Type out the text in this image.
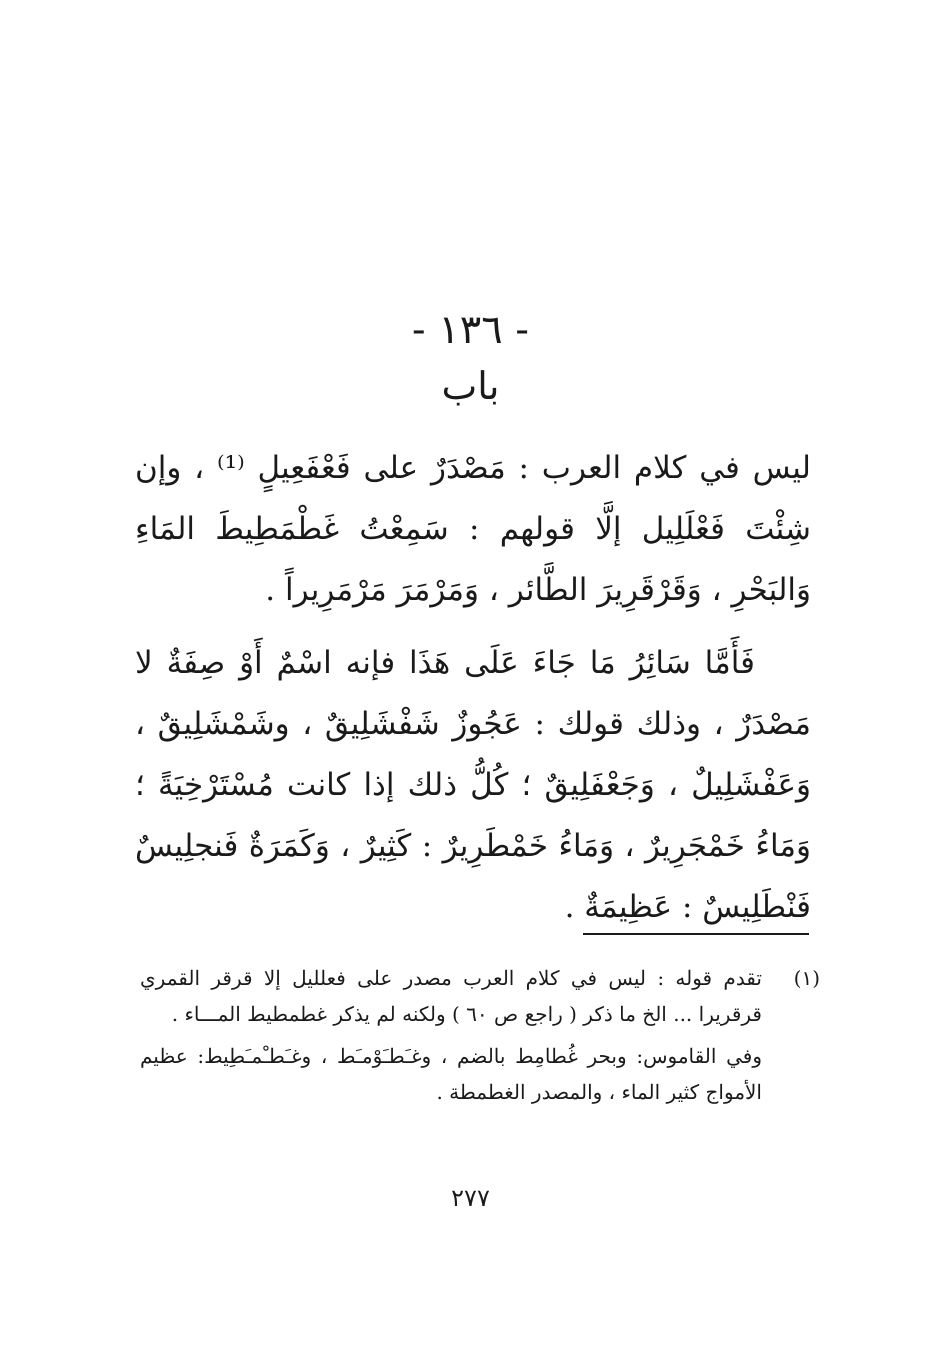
- ١٣٦ -
باب

ليس في كلام العرب : مَصْدَرٌ على فَعْفَعِيلٍ ⁽¹⁾ ، وإن شِئْتَ فَعْلَلِيل إلَّا قولهم : سَمِعْتُ غَطْمَطِيطَ المَاءِ وَالبَحْرِ ، وَقَرْقَرِيرَ الطَّائر ، وَمَرْمَرَ مَرْمَرِيراً .

فَأَمَّا سَائِرُ مَا جَاءَ عَلَى هَذَا فإنه اسْمٌ أَوْ صِفَةٌ لا مَصْدَرٌ ، وذلك قولك : عَجُوزٌ شَفْشَلِيقٌ ، وشَمْشَلِيقٌ ، وَعَفْشَلِيلٌ ، وَجَعْفَلِيقٌ ؛ كُلُّ ذلك إذا كانت مُسْتَرْخِيَةً ؛ وَمَاءُ خَمْجَرِيرٌ ، وَمَاءُ خَمْطَرِيرٌ : كَثِيرٌ ، وَكَمَرَةٌ فَنجلِيسٌ فَنْطَلِيسٌ : عَظِيمَةٌ .

(١)
تقدم قوله : ليس في كلام العرب مصدر على فعلليل إلا قرقر القمري قرقريرا ... الخ ما ذكر ( راجع ص ٦٠ ) ولكنه لم يذكر غطمطيط المـــاء .
وفي القاموس: وبحر غُطامِط بالضم ، وغـَطـَوْمـَط ، وغـَطـْمـَطِيط: عظيم الأمواج كثير الماء ، والمصدر الغطمطة .
٢٧٧
